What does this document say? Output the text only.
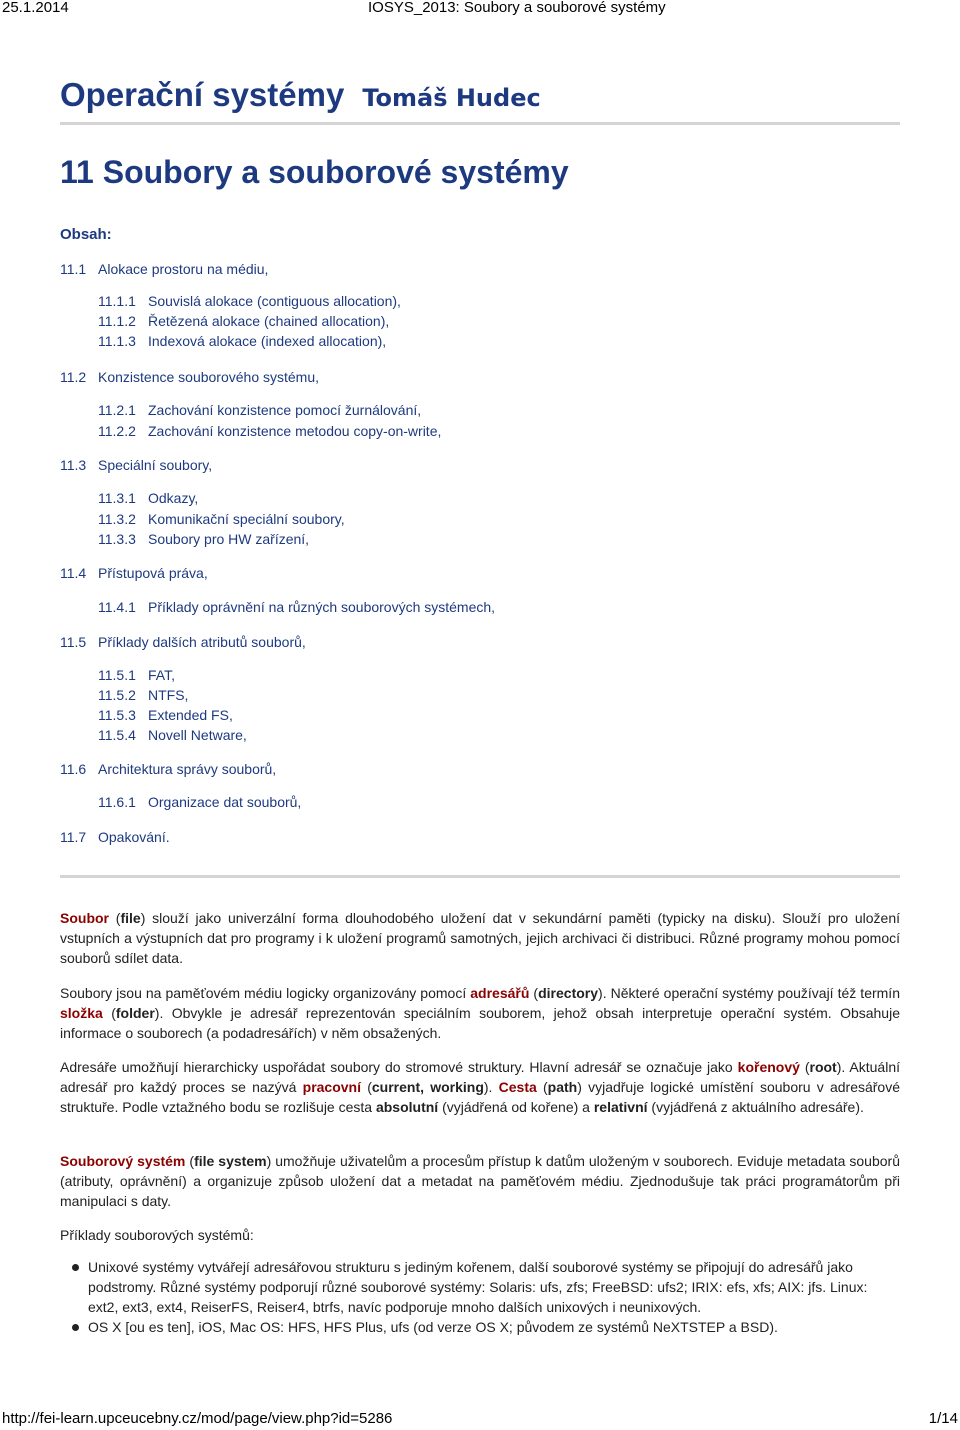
25.1.2014	IOSYS_2013: Soubory a souborové systémy
Operační systémy Tomáš Hudec
11 Soubory a souborové systémy
Obsah:
11.1 Alokace prostoru na médiu,
11.1.1 Souvislá alokace (contiguous allocation),
11.1.2 Řetězená alokace (chained allocation),
11.1.3 Indexová alokace (indexed allocation),
11.2 Konzistence souborového systému,
11.2.1 Zachování konzistence pomocí žurnálování,
11.2.2 Zachování konzistence metodou copy-on-write,
11.3 Speciální soubory,
11.3.1 Odkazy,
11.3.2 Komunikační speciální soubory,
11.3.3 Soubory pro HW zařízení,
11.4 Přístupová práva,
11.4.1 Příklady oprávnění na různých souborových systémech,
11.5 Příklady dalších atributů souborů,
11.5.1 FAT,
11.5.2 NTFS,
11.5.3 Extended FS,
11.5.4 Novell Netware,
11.6 Architektura správy souborů,
11.6.1 Organizace dat souborů,
11.7 Opakování.
Soubor (file) slouží jako univerzální forma dlouhodobého uložení dat v sekundární paměti (typicky na disku). Slouží pro uložení vstupních a výstupních dat pro programy i k uložení programů samotných, jejich archivaci či distribuci. Různé programy mohou pomocí souborů sdílet data.
Soubory jsou na paměťovém médiu logicky organizovány pomocí adresářů (directory). Některé operační systémy používají též termín složka (folder). Obvykle je adresář reprezentován speciálním souborem, jehož obsah interpretuje operační systém. Obsahuje informace o souborech (a podadresářích) v něm obsažených.
Adresáře umožňují hierarchicky uspořádat soubory do stromové struktury. Hlavní adresář se označuje jako kořenový (root). Aktuální adresář pro každý proces se nazývá pracovní (current, working). Cesta (path) vyjadřuje logické umístění souboru v adresářové struktuře. Podle vztažného bodu se rozlišuje cesta absolutní (vyjádřená od kořene) a relativní (vyjádřená z aktuálního adresáře).
Souborový systém (file system) umožňuje uživatelům a procesům přístup k datům uloženým v souborech. Eviduje metadata souborů (atributy, oprávnění) a organizuje způsob uložení dat a metadat na paměťovém médiu. Zjednodušuje tak práci programátorům při manipulaci s daty.
Příklady souborových systémů:
Unixové systémy vytvářejí adresářovou strukturu s jediným kořenem, další souborové systémy se připojují do adresářů jako podstromy. Různé systémy podporují různé souborové systémy: Solaris: ufs, zfs; FreeBSD: ufs2; IRIX: efs, xfs; AIX: jfs. Linux: ext2, ext3, ext4, ReiserFS, Reiser4, btrfs, navíc podporuje mnoho dalších unixových i neunixových.
OS X [ou es ten], iOS, Mac OS: HFS, HFS Plus, ufs (od verze OS X; původem ze systémů NeXTSTEP a BSD).
http://fei-learn.upceucebny.cz/mod/page/view.php?id=5286	1/14
